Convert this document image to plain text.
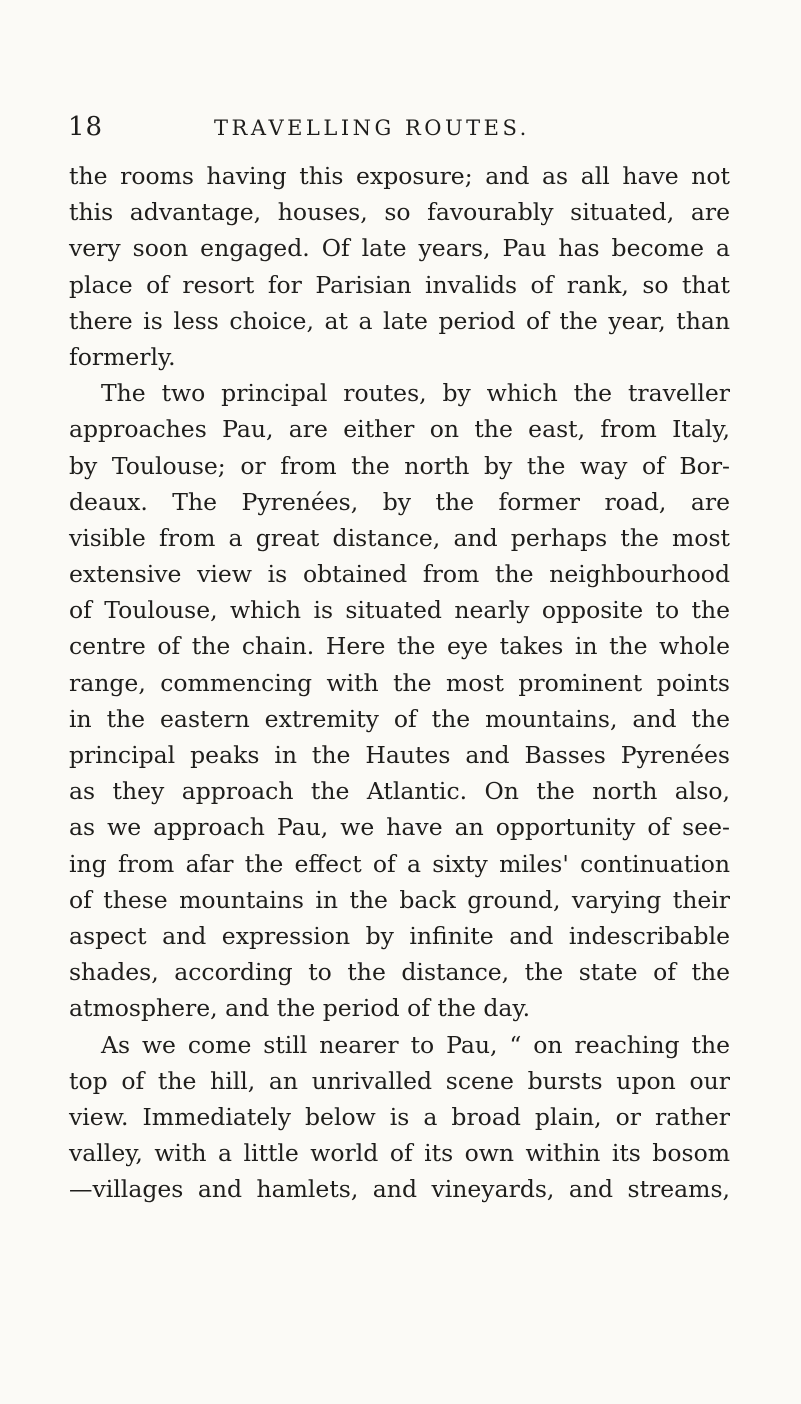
18	TRAVELLING ROUTES.
the rooms having this exposure; and as all have not
this advantage, houses, so favourably situated, are
very soon engaged. Of late years, Pau has become a
place of resort for Parisian invalids of rank, so that
there is less choice, at a late period of the year, than
formerly.
The two principal routes, by which the traveller
approaches Pau, are either on the east, from Italy,
by Toulouse; or from the north by the way of Bor-
deaux. The Pyrenées, by the former road, are
visible from a great distance, and perhaps the most
extensive view is obtained from the neighbourhood
of Toulouse, which is situated nearly opposite to the
centre of the chain. Here the eye takes in the whole
range, commencing with the most prominent points
in the eastern extremity of the mountains, and the
principal peaks in the Hautes and Basses Pyrenées
as they approach the Atlantic. On the north also,
as we approach Pau, we have an opportunity of see-
ing from afar the effect of a sixty miles' continuation
of these mountains in the back ground, varying their
aspect and expression by infinite and indescribable
shades, according to the distance, the state of the
atmosphere, and the period of the day.
As we come still nearer to Pau, “ on reaching the
top of the hill, an unrivalled scene bursts upon our
view. Immediately below is a broad plain, or rather
valley, with a little world of its own within its bosom
—villages and hamlets, and vineyards, and streams,
